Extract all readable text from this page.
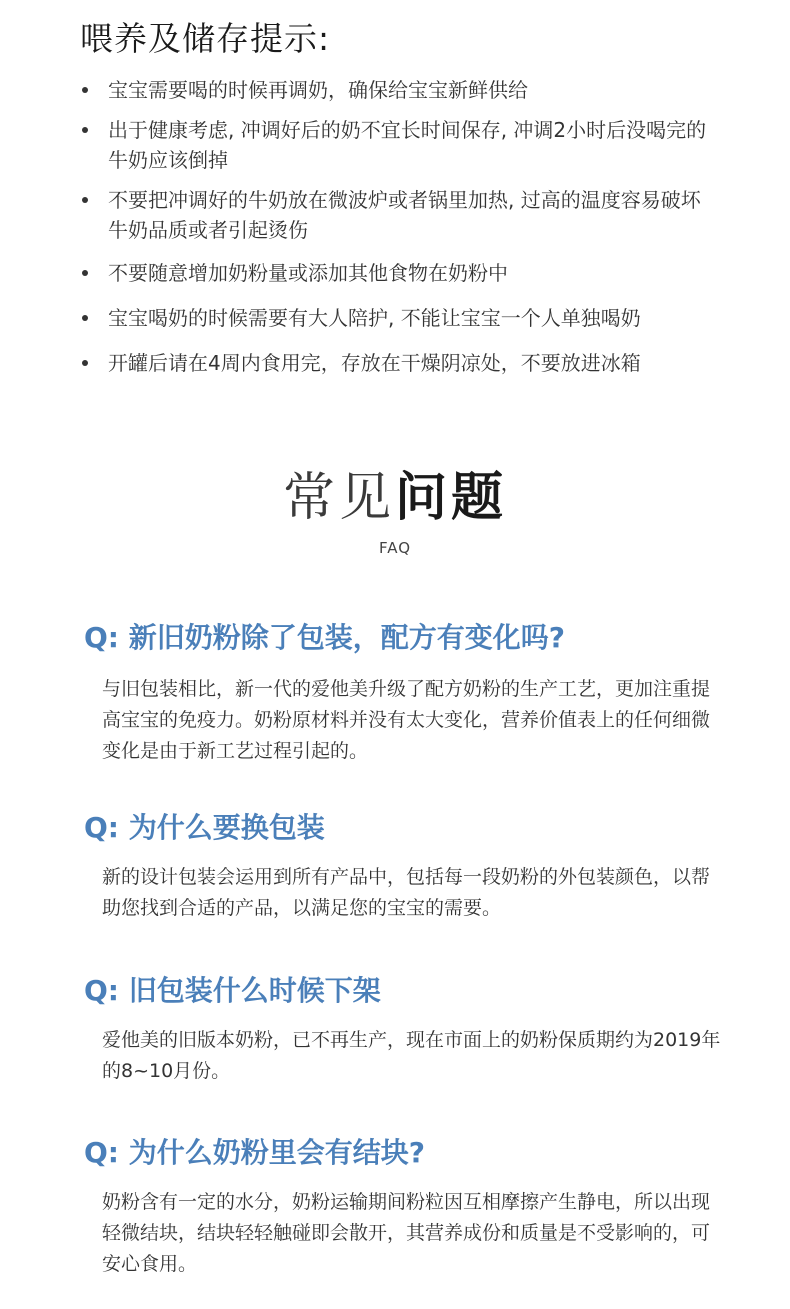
喂养及储存提示:
宝宝需要喝的时候再调奶，确保给宝宝新鲜供给
出于健康考虑, 冲调好后的奶不宜长时间保存, 冲调2小时后没喝完的牛奶应该倒掉
不要把冲调好的牛奶放在微波炉或者锅里加热, 过高的温度容易破坏牛奶品质或者引起烫伤
不要随意增加奶粉量或添加其他食物在奶粉中
宝宝喝奶的时候需要有大人陪护, 不能让宝宝一个人单独喝奶
开罐后请在4周内食用完，存放在干燥阴凉处，不要放进冰箱
常见问题
FAQ
Q: 新旧奶粉除了包装，配方有变化吗?

与旧包装相比，新一代的爱他美升级了配方奶粉的生产工艺，更加注重提高宝宝的免疫力。奶粉原材料并没有太大变化，营养价值表上的任何细微变化是由于新工艺过程引起的。

Q: 为什么要换包装

新的设计包装会运用到所有产品中，包括每一段奶粉的外包装颜色，以帮助您找到合适的产品，以满足您的宝宝的需要。

Q: 旧包装什么时候下架

爱他美的旧版本奶粉，已不再生产，现在市面上的奶粉保质期约为2019年的8~10月份。

Q: 为什么奶粉里会有结块?

奶粉含有一定的水分，奶粉运输期间粉粒因互相摩擦产生静电，所以出现轻微结块，结块轻轻触碰即会散开，其营养成份和质量是不受影响的，可安心食用。
